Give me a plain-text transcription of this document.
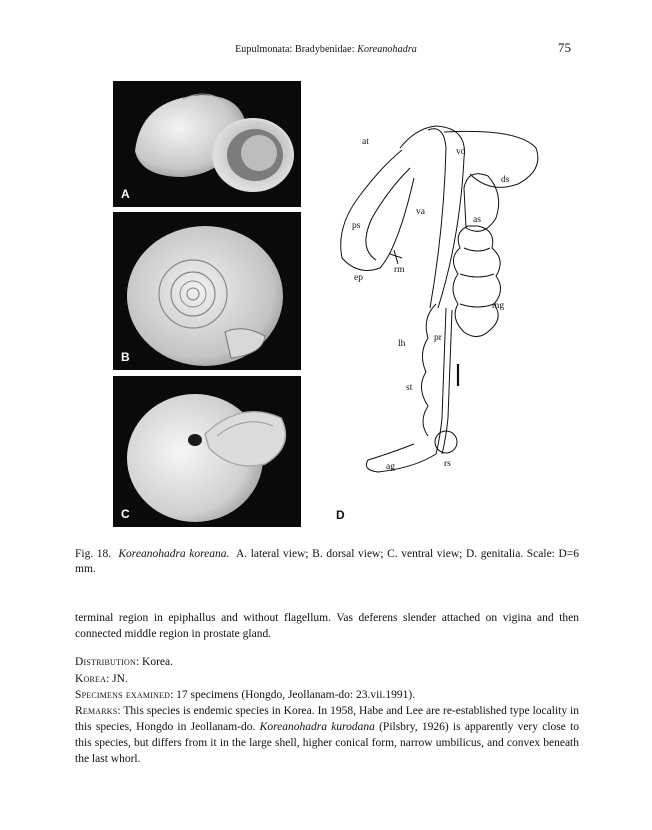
Eupulmonata: Bradybenidae: Koreanohadra	75
A
B
C
at
vd
ds
va
as
ps
rm
ep
mg
pr
lh
st
rs
ag
D
Fig. 18. Koreanohadra koreana. A. lateral view; B. dorsal view; C. ventral view; D. genitalia. Scale: D=6 mm.
terminal region in epiphallus and without flagellum. Vas deferens slender attached on vigina and then connected middle region in prostate gland.
Distribution: Korea.
Korea: JN.
Specimens examined: 17 specimens (Hongdo, Jeollanam-do: 23.vii.1991).
Remarks: This species is endemic species in Korea. In 1958, Habe and Lee are re-established type locality in this species, Hongdo in Jeollanam-do. Koreanohadra kurodana (Pilsbry, 1926) is apparently very close to this species, but differs from it in the large shell, higher conical form, narrow umbilicus, and convex beneath the last whorl.
